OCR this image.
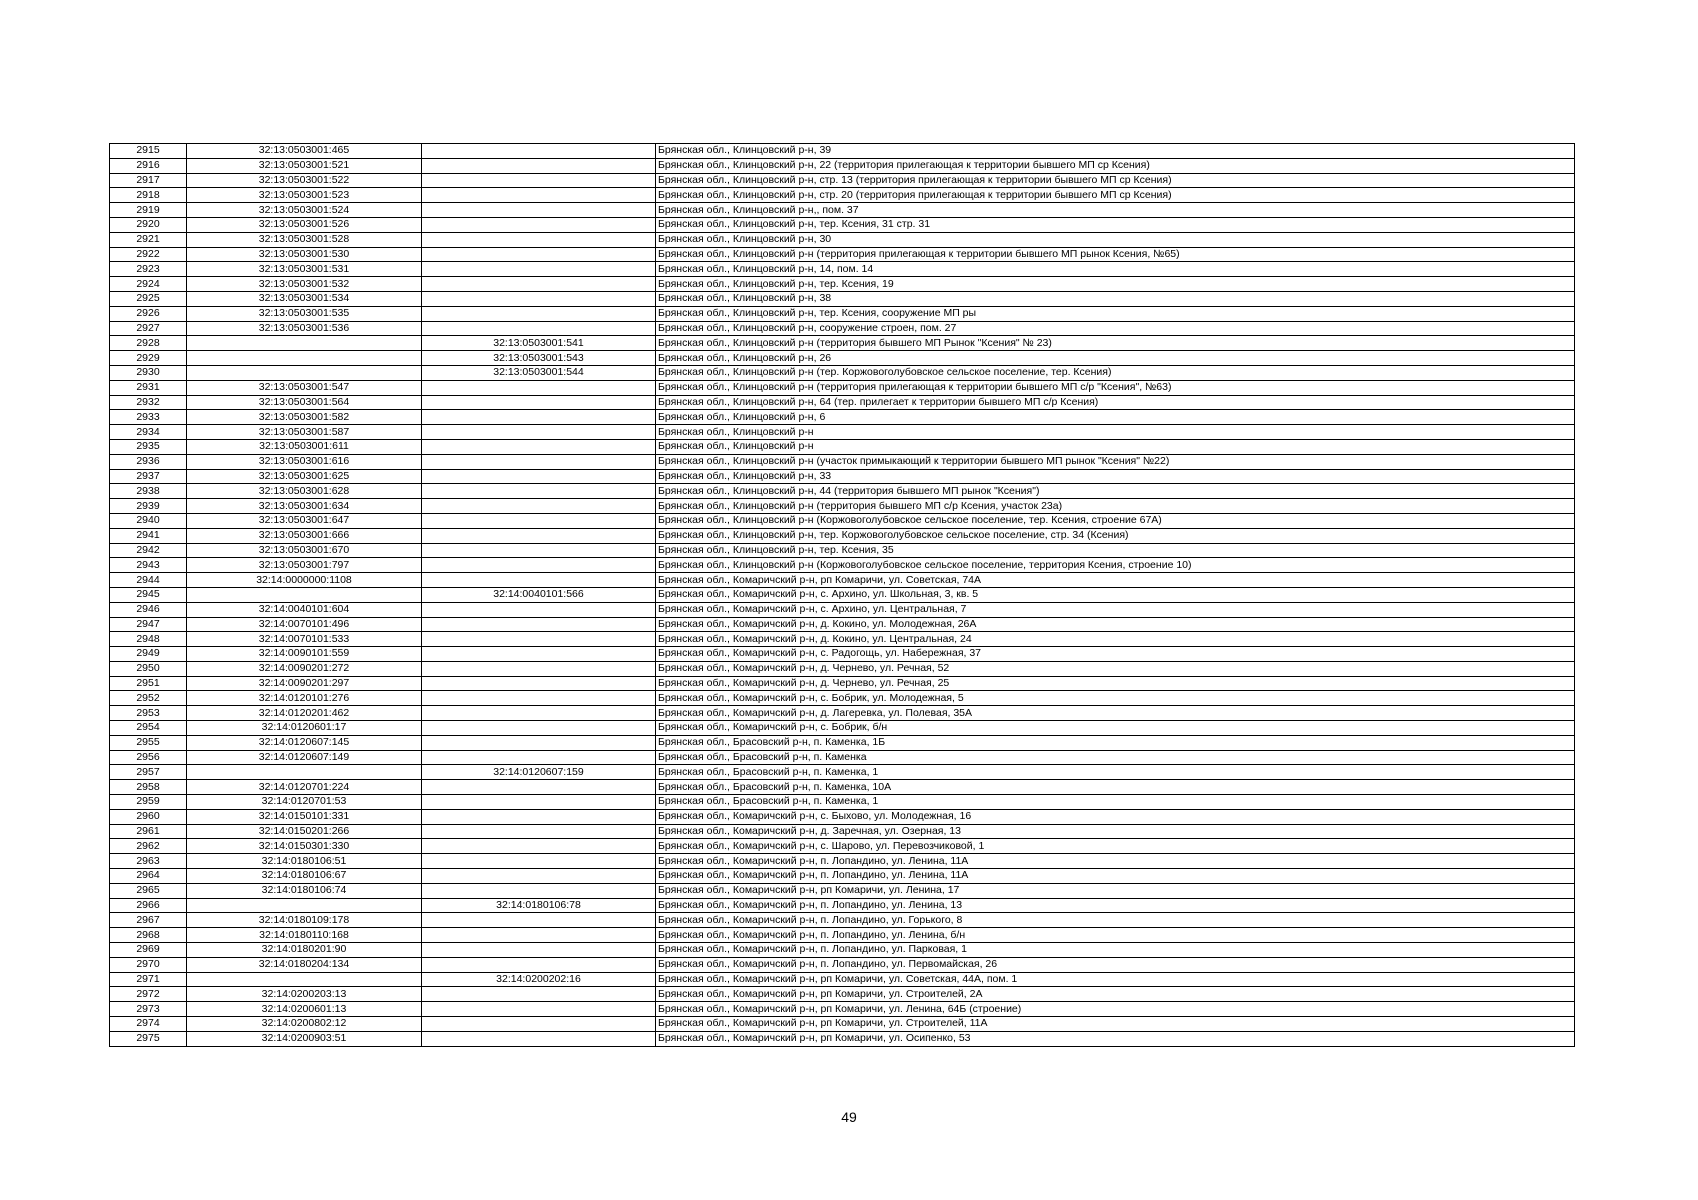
2915	32:13:0503001:465		Брянская обл., Клинцовский р-н, 39
2916	32:13:0503001:521		Брянская обл., Клинцовский р-н, 22 (территория прилегающая к территории бывшего МП ср Ксения)
2917	32:13:0503001:522		Брянская обл., Клинцовский р-н, стр. 13 (территория прилегающая к территории бывшего МП ср Ксения)
2918	32:13:0503001:523		Брянская обл., Клинцовский р-н, стр. 20 (территория прилегающая к территории бывшего МП ср Ксения)
2919	32:13:0503001:524		Брянская обл., Клинцовский р-н,, пом. 37
2920	32:13:0503001:526		Брянская обл., Клинцовский р-н, тер. Ксения, 31 стр. 31
2921	32:13:0503001:528		Брянская обл., Клинцовский р-н, 30
2922	32:13:0503001:530		Брянская обл., Клинцовский р-н (территория прилегающая к территории бывшего МП рынок Ксения, №65)
2923	32:13:0503001:531		Брянская обл., Клинцовский р-н, 14, пом. 14
2924	32:13:0503001:532		Брянская обл., Клинцовский р-н, тер. Ксения, 19
2925	32:13:0503001:534		Брянская обл., Клинцовский р-н, 38
2926	32:13:0503001:535		Брянская обл., Клинцовский р-н, тер. Ксения, сооружение МП ры
2927	32:13:0503001:536		Брянская обл., Клинцовский р-н, сооружение строен, пом. 27
2928		32:13:0503001:541	Брянская обл., Клинцовский р-н (территория бывшего МП Рынок "Ксения" № 23)
2929		32:13:0503001:543	Брянская обл., Клинцовский р-н, 26
2930		32:13:0503001:544	Брянская обл., Клинцовский р-н (тер. Коржовоголубовское сельское поселение, тер. Ксения)
2931	32:13:0503001:547		Брянская обл., Клинцовский р-н (территория прилегающая к территории бывшего МП с/р "Ксения", №63)
2932	32:13:0503001:564		Брянская обл., Клинцовский р-н, 64 (тер. прилегает к территории бывшего МП с/р Ксения)
2933	32:13:0503001:582		Брянская обл., Клинцовский р-н, 6
2934	32:13:0503001:587		Брянская обл., Клинцовский р-н
2935	32:13:0503001:611		Брянская обл., Клинцовский р-н
2936	32:13:0503001:616		Брянская обл., Клинцовский р-н (участок примыкающий к территории бывшего МП рынок "Ксения" №22)
2937	32:13:0503001:625		Брянская обл., Клинцовский р-н, 33
2938	32:13:0503001:628		Брянская обл., Клинцовский р-н, 44 (территория бывшего МП рынок "Ксения")
2939	32:13:0503001:634		Брянская обл., Клинцовский р-н (территория бывшего МП с/р Ксения, участок 23а)
2940	32:13:0503001:647		Брянская обл., Клинцовский р-н (Коржовоголубовское сельское поселение, тер. Ксения, строение 67А)
2941	32:13:0503001:666		Брянская обл., Клинцовский р-н, тер. Коржовоголубовское сельское поселение, стр. 34 (Ксения)
2942	32:13:0503001:670		Брянская обл., Клинцовский р-н, тер. Ксения, 35
2943	32:13:0503001:797		Брянская обл., Клинцовский р-н (Коржовоголубовское сельское поселение, территория Ксения, строение 10)
2944	32:14:0000000:1108		Брянская обл., Комаричский р-н, рп Комаричи, ул. Советская, 74А
2945		32:14:0040101:566	Брянская обл., Комаричский р-н, с. Архино, ул. Школьная, 3, кв. 5
2946	32:14:0040101:604		Брянская обл., Комаричский р-н, с. Архино, ул. Центральная, 7
2947	32:14:0070101:496		Брянская обл., Комаричский р-н, д. Кокино, ул. Молодежная, 26А
2948	32:14:0070101:533		Брянская обл., Комаричский р-н, д. Кокино, ул. Центральная, 24
2949	32:14:0090101:559		Брянская обл., Комаричский р-н, с. Радогощь, ул. Набережная, 37
2950	32:14:0090201:272		Брянская обл., Комаричский р-н, д. Чернево, ул. Речная, 52
2951	32:14:0090201:297		Брянская обл., Комаричский р-н, д. Чернево, ул. Речная, 25
2952	32:14:0120101:276		Брянская обл., Комаричский р-н, с. Бобрик, ул. Молодежная, 5
2953	32:14:0120201:462		Брянская обл., Комаричский р-н, д. Лагеревка, ул. Полевая, 35А
2954	32:14:0120601:17		Брянская обл., Комаричский р-н, с. Бобрик, б/н
2955	32:14:0120607:145		Брянская обл., Брасовский р-н, п. Каменка, 1Б
2956	32:14:0120607:149		Брянская обл., Брасовский р-н, п. Каменка
2957		32:14:0120607:159	Брянская обл., Брасовский р-н, п. Каменка, 1
2958	32:14:0120701:224		Брянская обл., Брасовский р-н, п. Каменка, 10А
2959	32:14:0120701:53		Брянская обл., Брасовский р-н, п. Каменка, 1
2960	32:14:0150101:331		Брянская обл., Комаричский р-н, с. Быхово, ул. Молодежная, 16
2961	32:14:0150201:266		Брянская обл., Комаричский р-н, д. Заречная, ул. Озерная, 13
2962	32:14:0150301:330		Брянская обл., Комаричский р-н, с. Шарово, ул. Перевозчиковой, 1
2963	32:14:0180106:51		Брянская обл., Комаричский р-н, п. Лопандино, ул. Ленина, 11А
2964	32:14:0180106:67		Брянская обл., Комаричский р-н, п. Лопандино, ул. Ленина, 11А
2965	32:14:0180106:74		Брянская обл., Комаричский р-н, рп Комаричи, ул. Ленина, 17
2966		32:14:0180106:78	Брянская обл., Комаричский р-н, п. Лопандино, ул. Ленина, 13
2967	32:14:0180109:178		Брянская обл., Комаричский р-н, п. Лопандино, ул. Горького, 8
2968	32:14:0180110:168		Брянская обл., Комаричский р-н, п. Лопандино, ул. Ленина, б/н
2969	32:14:0180201:90		Брянская обл., Комаричский р-н, п. Лопандино, ул. Парковая, 1
2970	32:14:0180204:134		Брянская обл., Комаричский р-н, п. Лопандино, ул. Первомайская, 26
2971		32:14:0200202:16	Брянская обл., Комаричский р-н, рп Комаричи, ул. Советская, 44А, пом. 1
2972	32:14:0200203:13		Брянская обл., Комаричский р-н, рп Комаричи, ул. Строителей, 2А
2973	32:14:0200601:13		Брянская обл., Комаричский р-н, рп Комаричи, ул. Ленина, 64Б (строение)
2974	32:14:0200802:12		Брянская обл., Комаричский р-н, рп Комаричи, ул. Строителей, 11А
2975	32:14:0200903:51		Брянская обл., Комаричский р-н, рп Комаричи, ул. Осипенко, 53
49
